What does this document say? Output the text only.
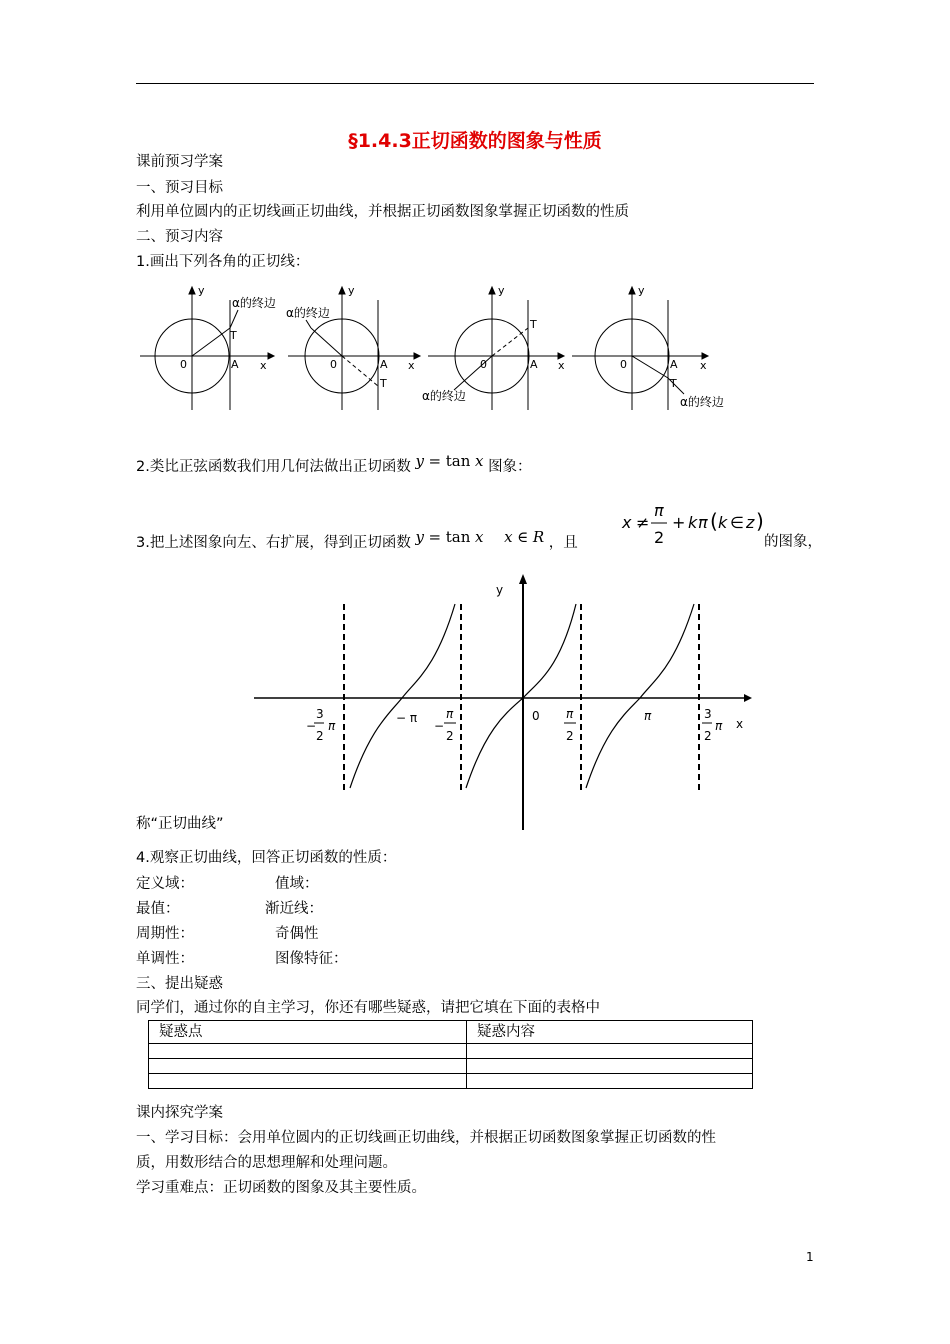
§1.4.3正切函数的图象与性质
课前预习学案
一、预习目标
利用单位圆内的正切线画正切曲线，并根据正切函数图象掌握正切函数的性质
二、预习内容
1.画出下列各角的正切线：
y
x
0	A
T
α的终边
y
x
0	A
T
α的终边
y
x
0	A
T
α的终边
y
x
0	A
T
α的终边
2.类比正弦函数我们用几何法做出正切函数 y = tan x 图象：
3.把上述图象向左、右扩展，得到正切函数 y = tan x x ∈ R ，且
x ≠
π
2
+ k π ( k ∈ z )
的图象，
y
x
0
−
3
2
π
− π
−
π
2
π
2
π	3
2
π
称“正切曲线”
4.观察正切曲线，回答正切函数的性质：
定义域：	值域：
最值：	渐近线：
周期性：	奇偶性
单调性：	图像特征：
三、提出疑惑
同学们，通过你的自主学习，你还有哪些疑惑，请把它填在下面的表格中
疑惑点	疑惑内容

课内探究学案
一、学习目标：会用单位圆内的正切线画正切曲线，并根据正切函数图象掌握正切函数的性
质，用数形结合的思想理解和处理问题。
学习重难点：正切函数的图象及其主要性质。
1
